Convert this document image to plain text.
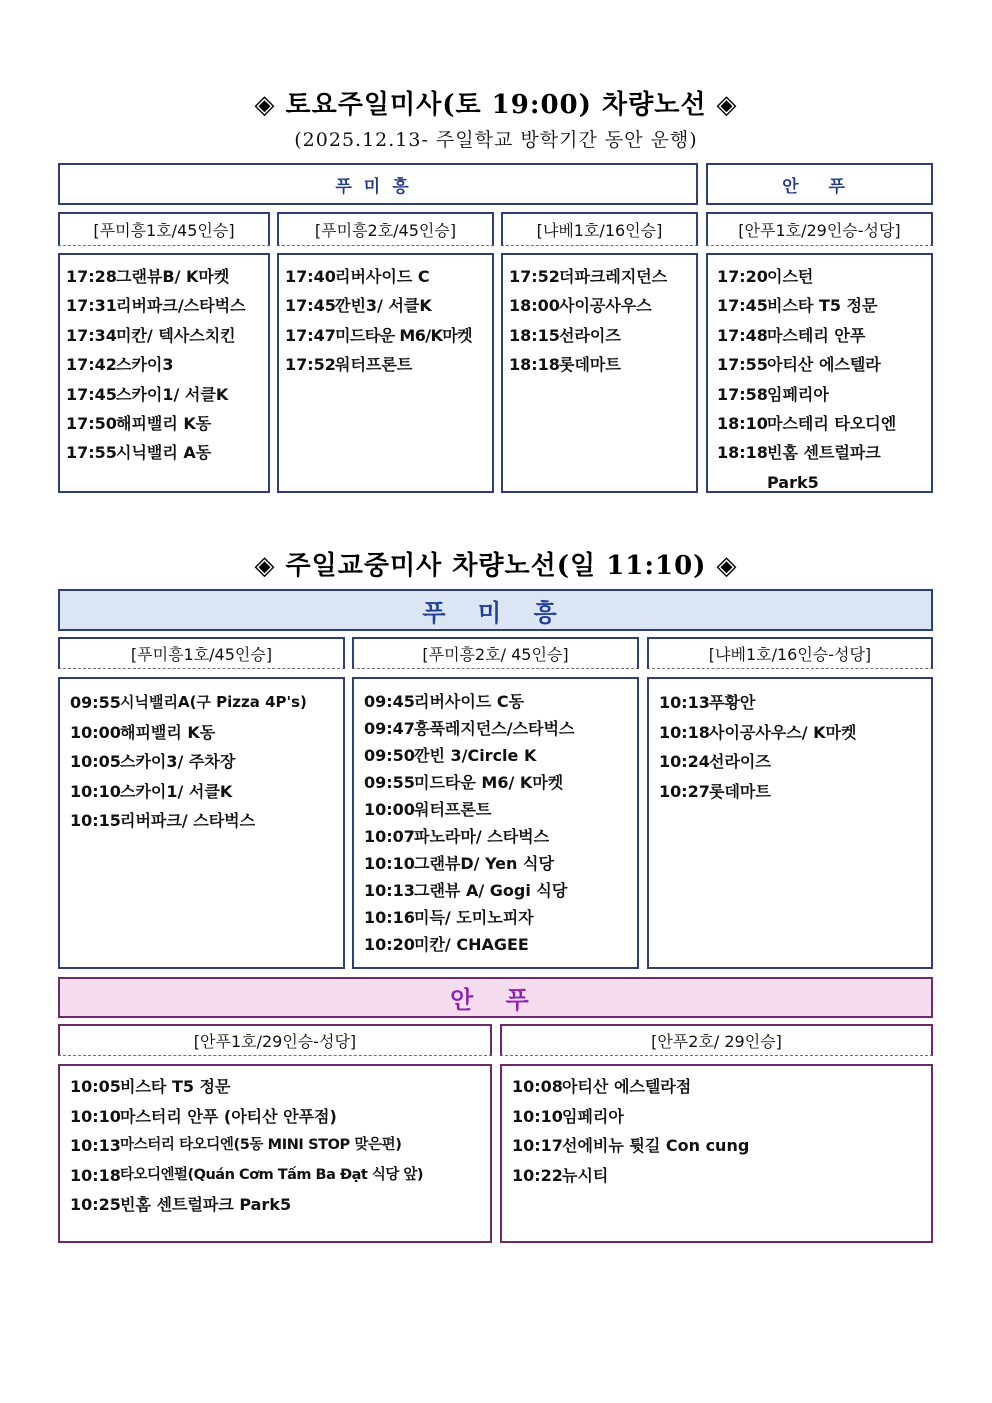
◈ 토요주일미사(토 19:00) 차량노선 ◈
(2025.12.13- 주일학교 방학기간 동안 운행)
푸미흥	안 푸
[푸미흥1호/45인승]
17:28 그랜뷰B/ K마켓
17:31 리버파크/스타벅스
17:34 미칸/ 텍사스치킨
17:42 스카이3
17:45 스카이1/ 서클K
17:50 해피밸리 K동
17:55 시닉밸리 A동
[푸미흥2호/45인승]
17:40 리버사이드 C
17:45 깐빈3/ 서클K
17:47 미드타운 M6/K마켓
17:52 워터프론트
[냐베1호/16인승]
17:52 더파크레지던스
18:00 사이공사우스
18:15 선라이즈
18:18 롯데마트
[안푸1호/29인승-성당]
17:20 이스턴
17:45 비스타 T5 정문
17:48 마스테리 안푸
17:55 아티산 에스텔라
17:58 임페리아
18:10 마스테리 타오디엔
18:18 빈홈 센트럴파크
Park5
◈ 주일교중미사 차량노선(일 11:10) ◈
푸 미 흥
[푸미흥1호/45인승]
09:55 시닉밸리A(구 Pizza 4P's)
10:00 해피밸리 K동
10:05 스카이3/ 주차장
10:10 스카이1/ 서클K
10:15 리버파크/ 스타벅스
[푸미흥2호/ 45인승]
09:45 리버사이드 C동
09:47 흥푹레지던스/스타벅스
09:50 깐빈 3/Circle K
09:55 미드타운 M6/ K마켓
10:00 워터프론트
10:07 파노라마/ 스타벅스
10:10 그랜뷰D/ Yen 식당
10:13 그랜뷰 A/ Gogi 식당
10:16 미득/ 도미노피자
10:20 미칸/ CHAGEE
[냐베1호/16인승-성당]
10:13 푸황안
10:18 사이공사우스/ K마켓
10:24 선라이즈
10:27 롯데마트
안 푸
[안푸1호/29인승-성당]
10:05 비스타 T5 정문
10:10 마스터리 안푸 (아티산 안푸점)
10:13 마스터리 타오디엔(5동 MINI STOP 맞은편)
10:18 타오디엔펄(Quán Cơm Tấm Ba Đạt 식당 앞)
10:25 빈홈 센트럴파크 Park5
[안푸2호/ 29인승]
10:08 아티산 에스텔라점
10:10 임페리아
10:17 선에비뉴 튓길 Con cung
10:22 뉴시티
